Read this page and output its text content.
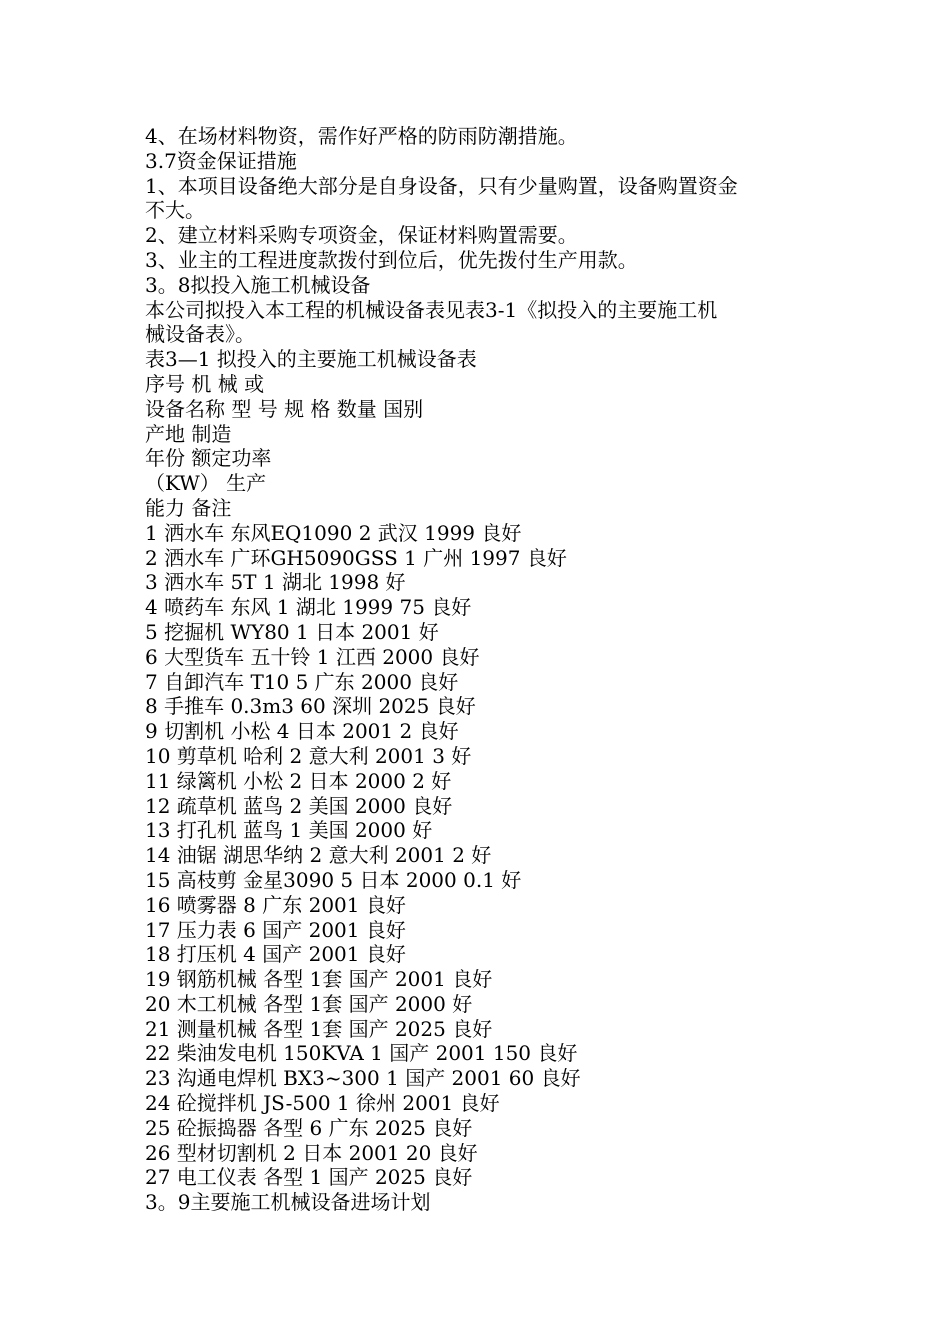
4、在场材料物资，需作好严格的防雨防潮措施。
3.7资金保证措施
1、本项目设备绝大部分是自身设备，只有少量购置，设备购置资金
不大。
2、建立材料采购专项资金，保证材料购置需要。
3、业主的工程进度款拨付到位后，优先拨付生产用款。
3。8拟投入施工机械设备
本公司拟投入本工程的机械设备表见表3-1《拟投入的主要施工机
械设备表》。
表3—1 拟投入的主要施工机械设备表
序号 机 械 或
设备名称 型 号 规 格 数量 国别
产地 制造
年份 额定功率
（KW） 生产
能力 备注
1 洒水车 东风EQ1090 2 武汉 1999 良好
2 洒水车 广环GH5090GSS 1 广州 1997 良好
3 洒水车 5T 1 湖北 1998 好
4 喷药车 东风 1 湖北 1999 75 良好
5 挖掘机 WY80 1 日本 2001 好
6 大型货车 五十铃 1 江西 2000 良好
7 自卸汽车 T10 5 广东 2000 良好
8 手推车 0.3m3 60 深圳 2025 良好
9 切割机 小松 4 日本 2001 2 良好
10 剪草机 哈利 2 意大利 2001 3 好
11 绿篱机 小松 2 日本 2000 2 好
12 疏草机 蓝鸟 2 美国 2000 良好
13 打孔机 蓝鸟 1 美国 2000 好
14 油锯 湖思华纳 2 意大利 2001 2 好
15 高枝剪 金星3090 5 日本 2000 0.1 好
16 喷雾器 8 广东 2001 良好
17 压力表 6 国产 2001 良好
18 打压机 4 国产 2001 良好
19 钢筋机械 各型 1套 国产 2001 良好
20 木工机械 各型 1套 国产 2000 好
21 测量机械 各型 1套 国产 2025 良好
22 柴油发电机 150KVA 1 国产 2001 150 良好
23 沟通电焊机 BX3~300 1 国产 2001 60 良好
24 砼搅拌机 JS-500 1 徐州 2001 良好
25 砼振捣器 各型 6 广东 2025 良好
26 型材切割机 2 日本 2001 20 良好
27 电工仪表 各型 1 国产 2025 良好
3。9主要施工机械设备进场计划
